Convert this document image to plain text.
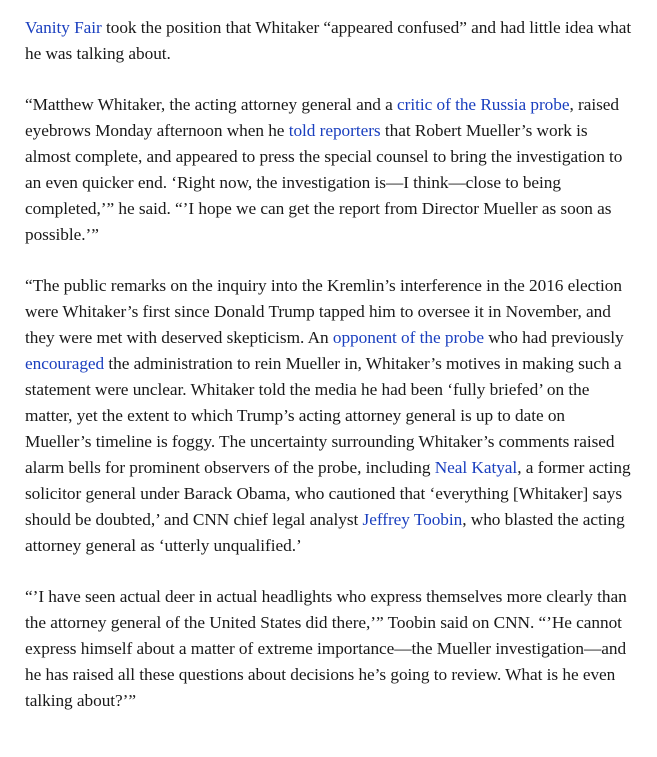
Vanity Fair took the position that Whitaker “appeared confused” and had little idea what he was talking about.

“Matthew Whitaker, the acting attorney general and a critic of the Russia probe, raised eyebrows Monday afternoon when he told reporters that Robert Mueller’s work is almost complete, and appeared to press the special counsel to bring the investigation to an even quicker end. ‘Right now, the investigation is—I think—close to being completed,’” he said. “’I hope we can get the report from Director Mueller as soon as possible.’”

“The public remarks on the inquiry into the Kremlin’s interference in the 2016 election were Whitaker’s first since Donald Trump tapped him to oversee it in November, and they were met with deserved skepticism. An opponent of the probe who had previously encouraged the administration to rein Mueller in, Whitaker’s motives in making such a statement were unclear. Whitaker told the media he had been ‘fully briefed’ on the matter, yet the extent to which Trump’s acting attorney general is up to date on Mueller’s timeline is foggy. The uncertainty surrounding Whitaker’s comments raised alarm bells for prominent observers of the probe, including Neal Katyal, a former acting solicitor general under Barack Obama, who cautioned that ‘everything [Whitaker] says should be doubted,’ and CNN chief legal analyst Jeffrey Toobin, who blasted the acting attorney general as ‘utterly unqualified.’

“’I have seen actual deer in actual headlights who express themselves more clearly than the attorney general of the United States did there,’” Toobin said on CNN. “’He cannot express himself about a matter of extreme importance—the Mueller investigation—and he has raised all these questions about decisions he’s going to review. What is he even talking about?’”
